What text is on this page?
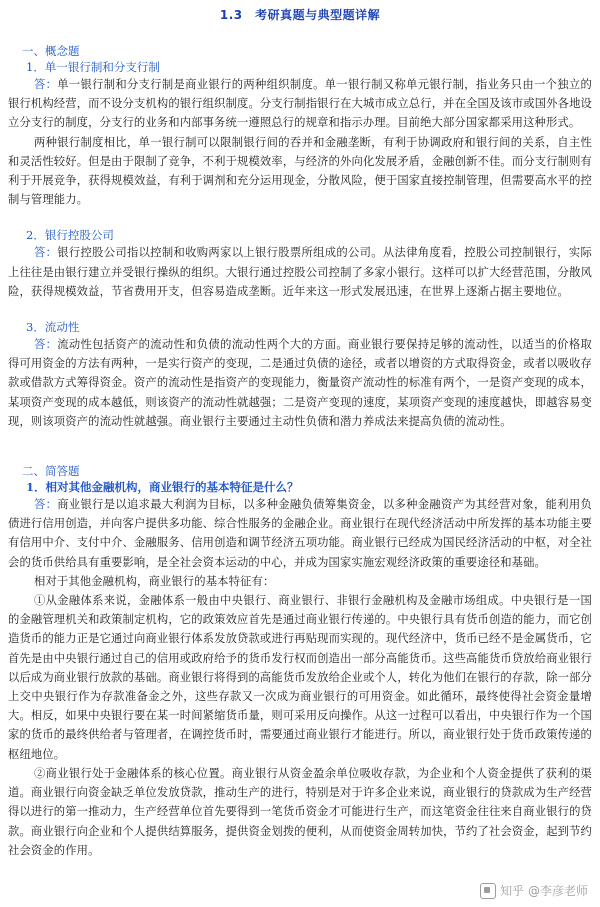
1.3　考研真题与典型题详解
一、概念题
1．单一银行制和分支行制

答：单一银行制和分支行制是商业银行的两种组织制度。单一银行制又称单元银行制，指业务只由一个独立的银行机构经营，而不设分支机构的银行组织制度。分支行制指银行在大城市成立总行，并在全国及该市或国外各地设立分支行的制度，分支行的业务和内部事务统一遵照总行的规章和指示办理。目前绝大部分国家都采用这种形式。

两种银行制度相比，单一银行制可以限制银行间的吞并和金融垄断，有利于协调政府和银行间的关系，自主性和灵活性较好。但是由于限制了竞争，不利于规模效率，与经济的外向化发展矛盾，金融创新不佳。而分支行制则有利于开展竞争，获得规模效益，有利于调剂和充分运用现金，分散风险，便于国家直接控制管理，但需要高水平的控制与管理能力。

2．银行控股公司

答：银行控股公司指以控制和收购两家以上银行股票所组成的公司。从法律角度看，控股公司控制银行，实际上往往是由银行建立并受银行操纵的组织。大银行通过控股公司控制了多家小银行。这样可以扩大经营范围，分散风险，获得规模效益，节省费用开支，但容易造成垄断。近年来这一形式发展迅速，在世界上逐渐占据主要地位。

3．流动性

答：流动性包括资产的流动性和负债的流动性两个大的方面。商业银行要保持足够的流动性，以适当的价格取得可用资金的方法有两种，一是实行资产的变现，二是通过负债的途径，或者以增资的方式取得资金，或者以吸收存款或借款方式筹得资金。资产的流动性是指资产的变现能力，衡量资产流动性的标准有两个，一是资产变现的成本，某项资产变现的成本越低，则该资产的流动性就越强；二是资产变现的速度，某项资产变现的速度越快，即越容易变现，则该项资产的流动性就越强。商业银行主要通过主动性负债和潜力养成法来提高负债的流动性。

二、简答题
1．相对其他金融机构，商业银行的基本特征是什么？

答：商业银行是以追求最大利润为目标，以多种金融负债筹集资金，以多种金融资产为其经营对象，能利用负债进行信用创造，并向客户提供多功能、综合性服务的金融企业。商业银行在现代经济活动中所发挥的基本功能主要有信用中介、支付中介、金融服务、信用创造和调节经济五项功能。商业银行已经成为国民经济活动的中枢，对全社会的货币供给具有重要影响，是全社会资本运动的中心，并成为国家实施宏观经济政策的重要途径和基础。

相对于其他金融机构，商业银行的基本特征有：

①从金融体系来说，金融体系一般由中央银行、商业银行、非银行金融机构及金融市场组成。中央银行是一国的金融管理机关和政策制定机构，它的政策效应首先是通过商业银行传递的。中央银行具有货币创造的能力，而它创造货币的能力正是它通过向商业银行体系发放贷款或进行再贴现而实现的。现代经济中，货币已经不是金属货币，它首先是由中央银行通过自己的信用或政府给予的货币发行权而创造出一部分高能货币。这些高能货币贷放给商业银行以后成为商业银行放款的基础。商业银行将得到的高能货币发放给企业或个人，转化为他们在银行的存款，除一部分上交中央银行作为存款准备金之外，这些存款又一次成为商业银行的可用资金。如此循环，最终使得社会资金量增大。相反，如果中央银行要在某一时间紧缩货币量，则可采用反向操作。从这一过程可以看出，中央银行作为一个国家的货币的最终供给者与管理者，在调控货币时，需要通过商业银行才能进行。所以，商业银行处于货币政策传递的枢纽地位。

②商业银行处于金融体系的核心位置。商业银行从资金盈余单位吸收存款，为企业和个人资金提供了获利的渠道。商业银行向资金缺乏单位发放贷款，推动生产的进行，特别是对于许多企业来说，商业银行的贷款成为生产经营得以进行的第一推动力，生产经营单位首先要得到一笔货币资金才可能进行生产，而这笔资金往往来自商业银行的贷款。商业银行向企业和个人提供结算服务，提供资金划拨的便利，从而使资金周转加快，节约了社会资金，起到节约社会资金的作用。

知乎 @李彦老师
